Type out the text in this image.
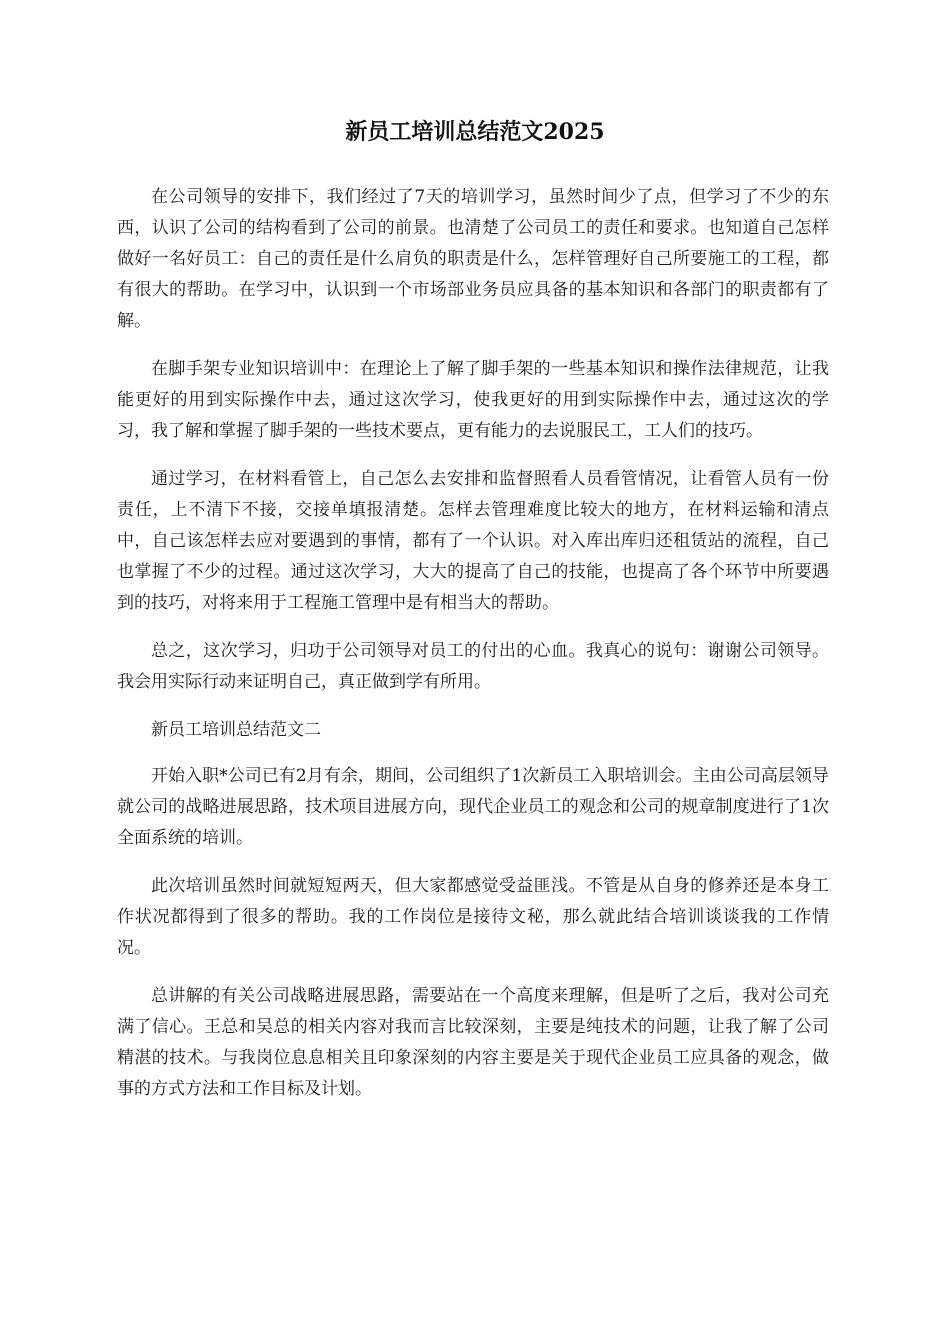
新员工培训总结范文2025

在公司领导的安排下，我们经过了7天的培训学习，虽然时间少了点，但学习了不少的东西，认识了公司的结构看到了公司的前景。也清楚了公司员工的责任和要求。也知道自己怎样做好一名好员工：自己的责任是什么肩负的职责是什么，怎样管理好自己所要施工的工程，都有很大的帮助。在学习中，认识到一个市场部业务员应具备的基本知识和各部门的职责都有了解。

在脚手架专业知识培训中：在理论上了解了脚手架的一些基本知识和操作法律规范，让我能更好的用到实际操作中去，通过这次学习，使我更好的用到实际操作中去，通过这次的学习，我了解和掌握了脚手架的一些技术要点，更有能力的去说服民工，工人们的技巧。

通过学习，在材料看管上，自己怎么去安排和监督照看人员看管情况，让看管人员有一份责任，上不清下不接，交接单填报清楚。怎样去管理难度比较大的地方，在材料运输和清点中，自己该怎样去应对要遇到的事情，都有了一个认识。对入库出库归还租赁站的流程，自己也掌握了不少的过程。通过这次学习，大大的提高了自己的技能，也提高了各个环节中所要遇到的技巧，对将来用于工程施工管理中是有相当大的帮助。

总之，这次学习，归功于公司领导对员工的付出的心血。我真心的说句：谢谢公司领导。我会用实际行动来证明自己，真正做到学有所用。

新员工培训总结范文二

开始入职*公司已有2月有余，期间，公司组织了1次新员工入职培训会。主由公司高层领导就公司的战略进展思路，技术项目进展方向，现代企业员工的观念和公司的规章制度进行了1次全面系统的培训。

此次培训虽然时间就短短两天，但大家都感觉受益匪浅。不管是从自身的修养还是本身工作状况都得到了很多的帮助。我的工作岗位是接待文秘，那么就此结合培训谈谈我的工作情况。

总讲解的有关公司战略进展思路，需要站在一个高度来理解，但是听了之后，我对公司充满了信心。王总和吴总的相关内容对我而言比较深刻，主要是纯技术的问题，让我了解了公司精湛的技术。与我岗位息息相关且印象深刻的内容主要是关于现代企业员工应具备的观念，做事的方式方法和工作目标及计划。
